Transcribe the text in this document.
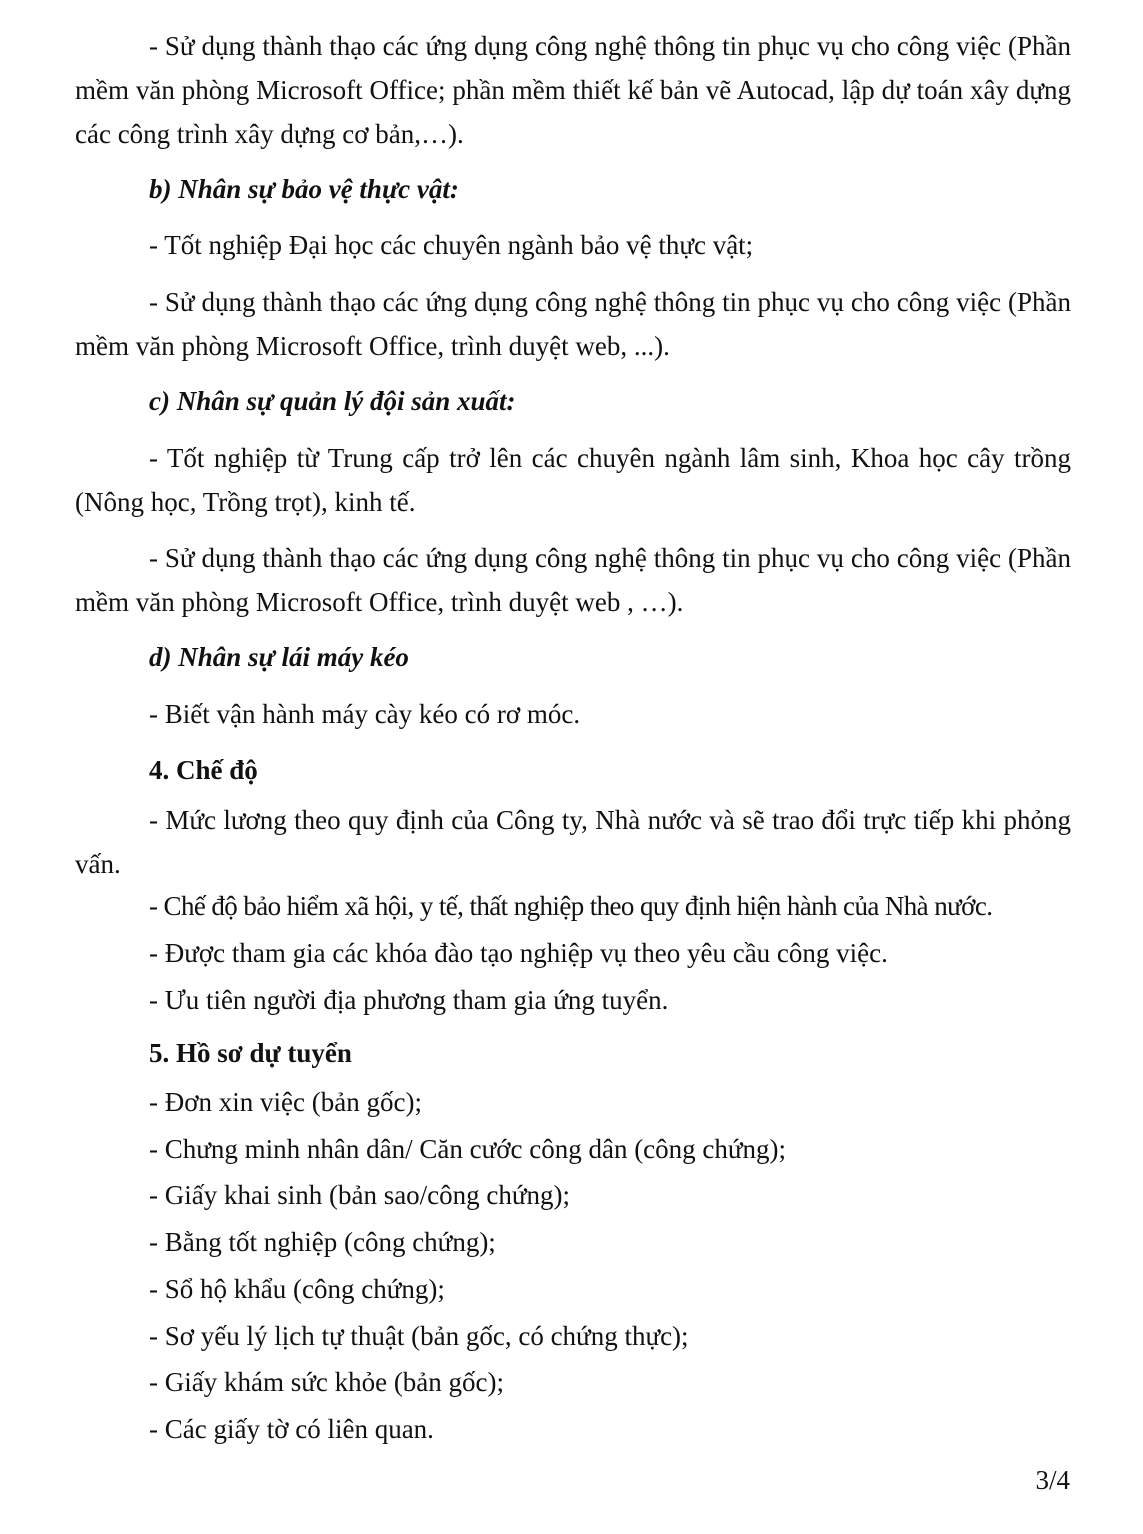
- Sử dụng thành thạo các ứng dụng công nghệ thông tin phục vụ cho công việc (Phần mềm văn phòng Microsoft Office; phần mềm thiết kế bản vẽ Autocad, lập dự toán xây dựng các công trình xây dựng cơ bản,…).

b) Nhân sự bảo vệ thực vật:

- Tốt nghiệp Đại học các chuyên ngành bảo vệ thực vật;

- Sử dụng thành thạo các ứng dụng công nghệ thông tin phục vụ cho công việc (Phần mềm văn phòng Microsoft Office, trình duyệt web, ...).

c) Nhân sự quản lý đội sản xuất:

- Tốt nghiệp từ Trung cấp trở lên các chuyên ngành lâm sinh, Khoa học cây trồng (Nông học, Trồng trọt), kinh tế.

- Sử dụng thành thạo các ứng dụng công nghệ thông tin phục vụ cho công việc (Phần mềm văn phòng Microsoft Office, trình duyệt web , …).

d) Nhân sự lái máy kéo

- Biết vận hành máy cày kéo có rơ móc.

4. Chế độ

- Mức lương theo quy định của Công ty, Nhà nước và sẽ trao đổi trực tiếp khi phỏng vấn.

- Chế độ bảo hiểm xã hội, y tế, thất nghiệp theo quy định hiện hành của Nhà nước.

- Được tham gia các khóa đào tạo nghiệp vụ theo yêu cầu công việc.

- Ưu tiên người địa phương tham gia ứng tuyển.

5. Hồ sơ dự tuyển

- Đơn xin việc (bản gốc);

- Chưng minh nhân dân/ Căn cước công dân (công chứng);

- Giấy khai sinh (bản sao/công chứng);

- Bằng tốt nghiệp (công chứng);

- Sổ hộ khẩu (công chứng);

- Sơ yếu lý lịch tự thuật (bản gốc, có chứng thực);

- Giấy khám sức khỏe (bản gốc);

- Các giấy tờ có liên quan.

3/4
